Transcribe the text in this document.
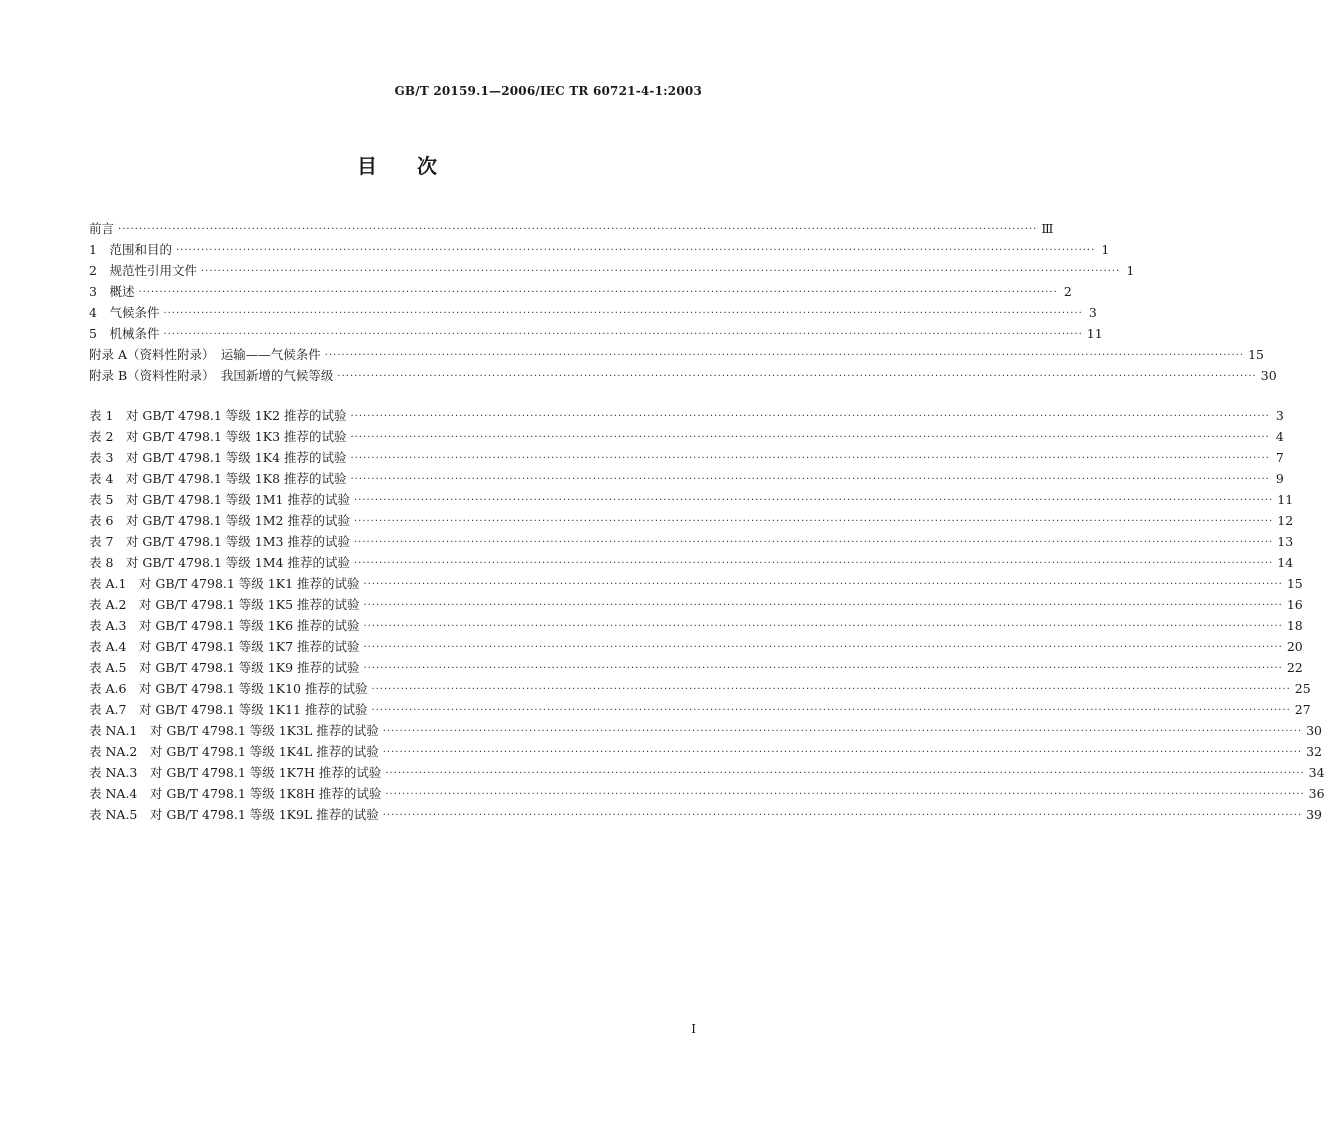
GB/T 20159.1—2006/IEC TR 60721-4-1:2003
目　　次
前言 ···························································································································································································································· Ⅲ
1　范围和目的 ···························································································································································································································· 1
2　规范性引用文件 ···························································································································································································································· 1
3　概述 ···························································································································································································································· 2
4　气候条件 ···························································································································································································································· 3
5　机械条件 ···························································································································································································································· 11
附录 A（资料性附录）　运输——气候条件 ···························································································································································································································· 15
附录 B（资料性附录）　我国新增的气候等级 ···························································································································································································································· 30
表 1　对 GB/T 4798.1 等级 1K2 推荐的试验 ···························································································································································································································· 3
表 2　对 GB/T 4798.1 等级 1K3 推荐的试验 ···························································································································································································································· 4
表 3　对 GB/T 4798.1 等级 1K4 推荐的试验 ···························································································································································································································· 7
表 4　对 GB/T 4798.1 等级 1K8 推荐的试验 ···························································································································································································································· 9
表 5　对 GB/T 4798.1 等级 1M1 推荐的试验 ···························································································································································································································· 11
表 6　对 GB/T 4798.1 等级 1M2 推荐的试验 ···························································································································································································································· 12
表 7　对 GB/T 4798.1 等级 1M3 推荐的试验 ···························································································································································································································· 13
表 8　对 GB/T 4798.1 等级 1M4 推荐的试验 ···························································································································································································································· 14
表 A.1　对 GB/T 4798.1 等级 1K1 推荐的试验 ···························································································································································································································· 15
表 A.2　对 GB/T 4798.1 等级 1K5 推荐的试验 ···························································································································································································································· 16
表 A.3　对 GB/T 4798.1 等级 1K6 推荐的试验 ···························································································································································································································· 18
表 A.4　对 GB/T 4798.1 等级 1K7 推荐的试验 ···························································································································································································································· 20
表 A.5　对 GB/T 4798.1 等级 1K9 推荐的试验 ···························································································································································································································· 22
表 A.6　对 GB/T 4798.1 等级 1K10 推荐的试验 ···························································································································································································································· 25
表 A.7　对 GB/T 4798.1 等级 1K11 推荐的试验 ···························································································································································································································· 27
表 NA.1　对 GB/T 4798.1 等级 1K3L 推荐的试验 ···························································································································································································································· 30
表 NA.2　对 GB/T 4798.1 等级 1K4L 推荐的试验 ···························································································································································································································· 32
表 NA.3　对 GB/T 4798.1 等级 1K7H 推荐的试验 ···························································································································································································································· 34
表 NA.4　对 GB/T 4798.1 等级 1K8H 推荐的试验 ···························································································································································································································· 36
表 NA.5　对 GB/T 4798.1 等级 1K9L 推荐的试验 ···························································································································································································································· 39
I
